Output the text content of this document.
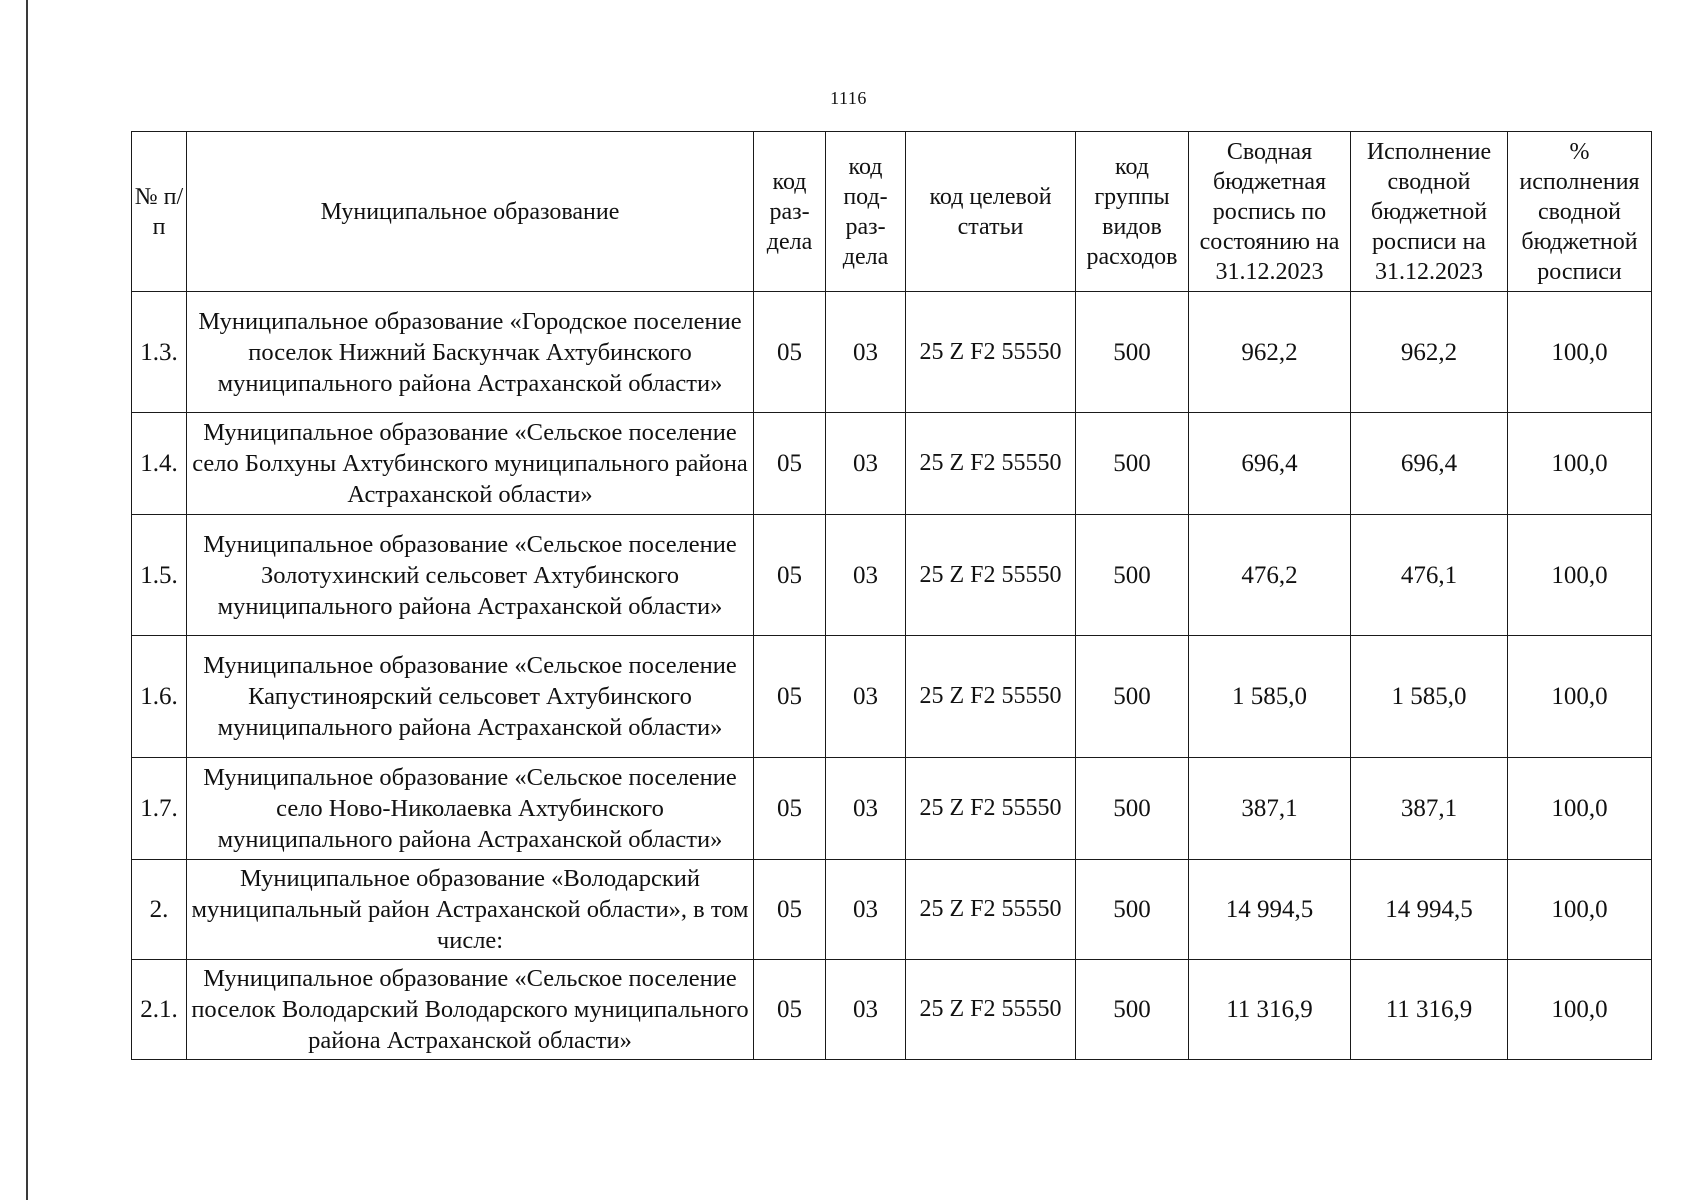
1116
№ п/п	Муниципальное образование	код раз-дела	код под-раз-дела	код целевой статьи	код группы видов расходов	Сводная бюджетная роспись по состоянию на 31.12.2023	Исполнение сводной бюджетной росписи на 31.12.2023	% исполнения сводной бюджетной росписи
1.3.	Муниципальное образование «Городское поселение поселок Нижний Баскунчак Ахтубинского муниципального района Астраханской области»	05	03	25 Z F2 55550	500	962,2	962,2	100,0
1.4.	Муниципальное образование «Сельское поселение село Болхуны Ахтубинского муниципального района Астраханской области»	05	03	25 Z F2 55550	500	696,4	696,4	100,0
1.5.	Муниципальное образование «Сельское поселение Золотухинский сельсовет Ахтубинского муниципального района Астраханской области»	05	03	25 Z F2 55550	500	476,2	476,1	100,0
1.6.	Муниципальное образование «Сельское поселение Капустиноярский сельсовет Ахтубинского муниципального района Астраханской области»	05	03	25 Z F2 55550	500	1 585,0	1 585,0	100,0
1.7.	Муниципальное образование «Сельское поселение село Ново-Николаевка Ахтубинского муниципального района Астраханской области»	05	03	25 Z F2 55550	500	387,1	387,1	100,0
2.	Муниципальное образование «Володарский муниципальный район Астраханской области», в том числе:	05	03	25 Z F2 55550	500	14 994,5	14 994,5	100,0
2.1.	Муниципальное образование «Сельское поселение поселок Володарский Володарского муниципального района Астраханской области»	05	03	25 Z F2 55550	500	11 316,9	11 316,9	100,0
